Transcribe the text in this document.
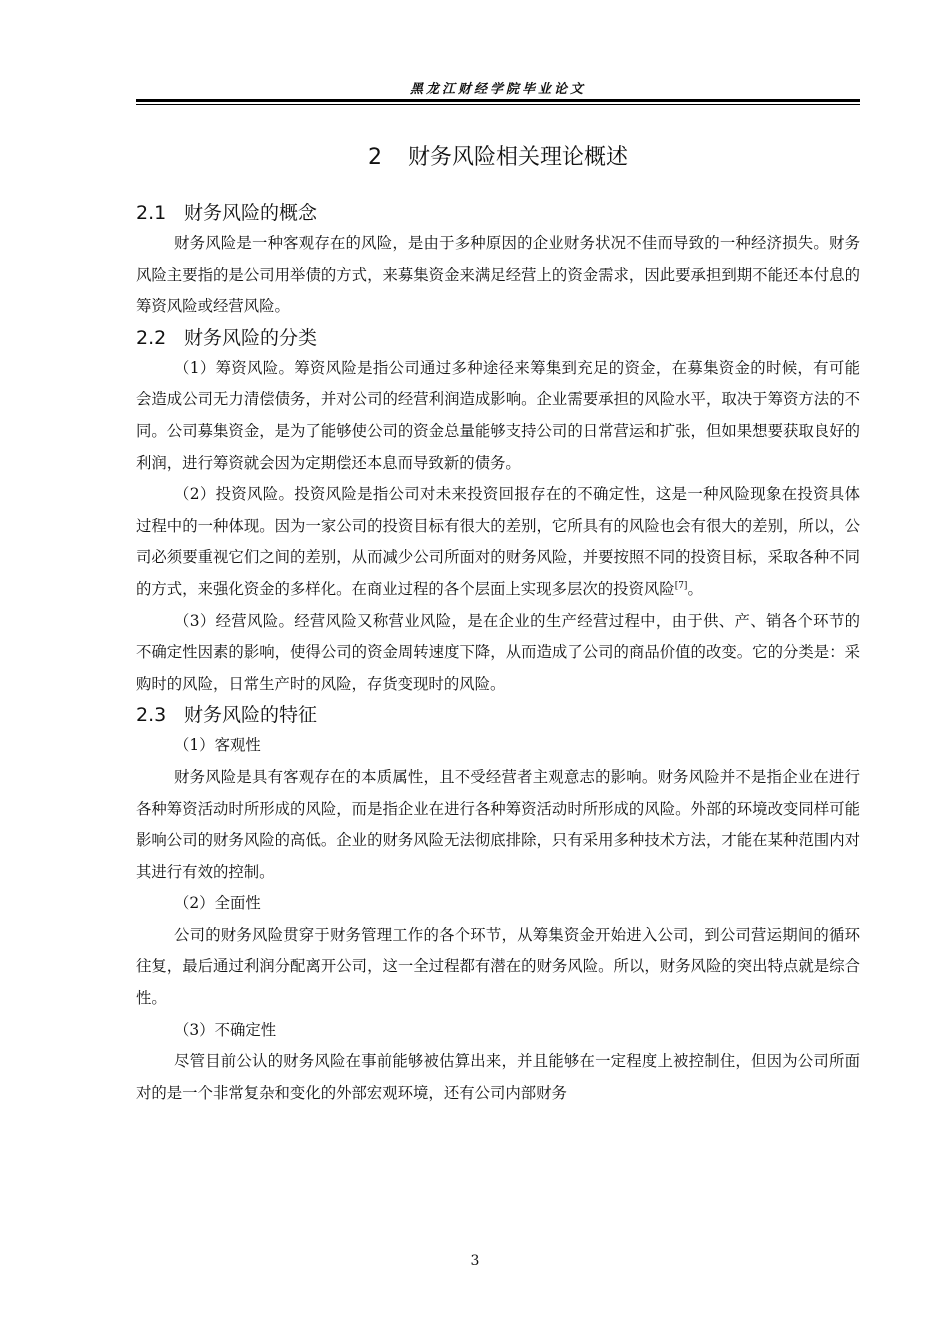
黑龙江财经学院毕业论文
2 财务风险相关理论概述
2.1 财务风险的概念

财务风险是一种客观存在的风险，是由于多种原因的企业财务状况不佳而导致的一种经济损失。财务风险主要指的是公司用举债的方式，来募集资金来满足经营上的资金需求，因此要承担到期不能还本付息的筹资风险或经营风险。

2.2 财务风险的分类

（1）筹资风险。筹资风险是指公司通过多种途径来筹集到充足的资金，在募集资金的时候，有可能会造成公司无力清偿债务，并对公司的经营利润造成影响。企业需要承担的风险水平，取决于筹资方法的不同。公司募集资金，是为了能够使公司的资金总量能够支持公司的日常营运和扩张，但如果想要获取良好的利润，进行筹资就会因为定期偿还本息而导致新的债务。

（2）投资风险。投资风险是指公司对未来投资回报存在的不确定性，这是一种风险现象在投资具体过程中的一种体现。因为一家公司的投资目标有很大的差别，它所具有的风险也会有很大的差别，所以，公司必须要重视它们之间的差别，从而减少公司所面对的财务风险，并要按照不同的投资目标，采取各种不同的方式，来强化资金的多样化。在商业过程的各个层面上实现多层次的投资风险[7]。

（3）经营风险。经营风险又称营业风险，是在企业的生产经营过程中，由于供、产、销各个环节的不确定性因素的影响，使得公司的资金周转速度下降，从而造成了公司的商品价值的改变。它的分类是：采购时的风险，日常生产时的风险，存货变现时的风险。

2.3 财务风险的特征
（1）客观性

财务风险是具有客观存在的本质属性，且不受经营者主观意志的影响。财务风险并不是指企业在进行各种筹资活动时所形成的风险，而是指企业在进行各种筹资活动时所形成的风险。外部的环境改变同样可能影响公司的财务风险的高低。企业的财务风险无法彻底排除，只有采用多种技术方法，才能在某种范围内对其进行有效的控制。

（2）全面性

公司的财务风险贯穿于财务管理工作的各个环节，从筹集资金开始进入公司，到公司营运期间的循环往复，最后通过利润分配离开公司，这一全过程都有潜在的财务风险。所以，财务风险的突出特点就是综合性。

（3）不确定性

尽管目前公认的财务风险在事前能够被估算出来，并且能够在一定程度上被控制住，但因为公司所面对的是一个非常复杂和变化的外部宏观环境，还有公司内部财务

3
